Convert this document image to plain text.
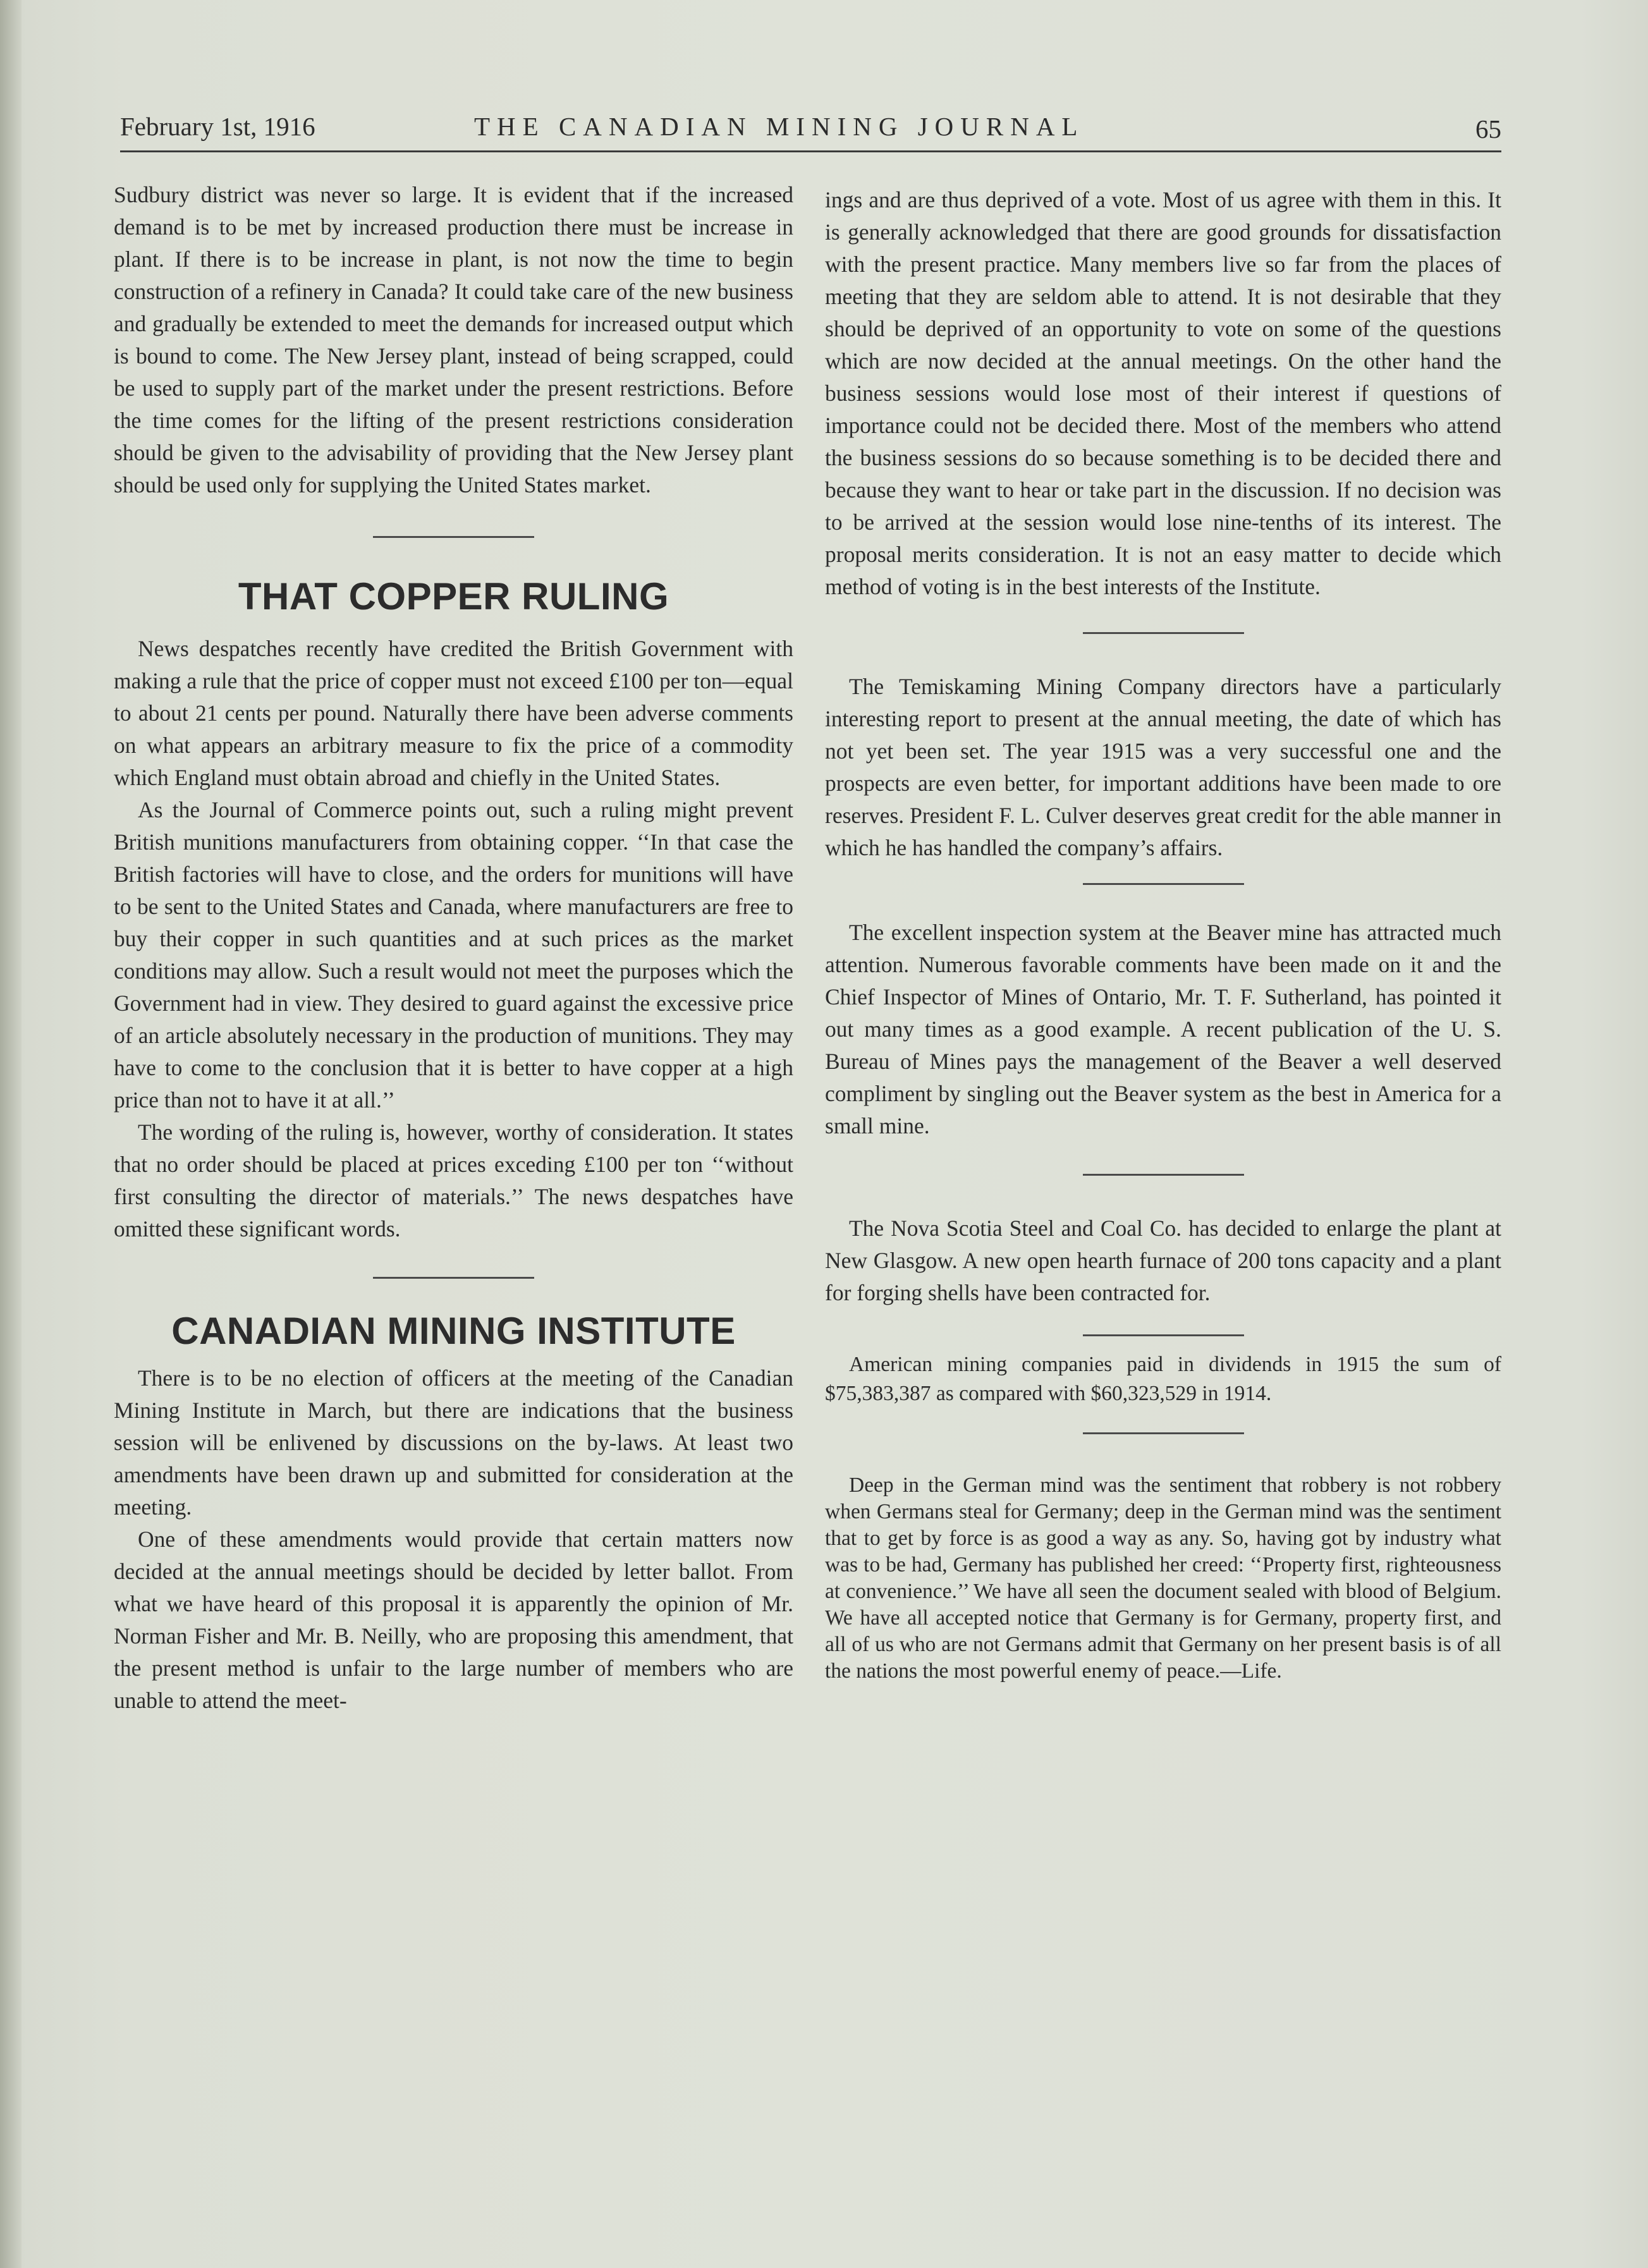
February 1st, 1916	THE CANADIAN MINING JOURNAL	65

Sudbury district was never so large. It is evident that if the increased demand is to be met by increased production there must be increase in plant. If there is to be increase in plant, is not now the time to begin construction of a refinery in Canada? It could take care of the new business and gradually be extended to meet the demands for increased output which is bound to come. The New Jersey plant, instead of being scrapped, could be used to supply part of the market under the present restrictions. Before the time comes for the lifting of the present restrictions consideration should be given to the advisability of providing that the New Jersey plant should be used only for supplying the United States market.

THAT COPPER RULING

News despatches recently have credited the British Government with making a rule that the price of copper must not exceed £100 per ton—equal to about 21 cents per pound. Naturally there have been adverse comments on what appears an arbitrary measure to fix the price of a commodity which England must obtain abroad and chiefly in the United States.

As the Journal of Commerce points out, such a ruling might prevent British munitions manufacturers from obtaining copper. ‘‘In that case the British factories will have to close, and the orders for munitions will have to be sent to the United States and Canada, where manufacturers are free to buy their copper in such quantities and at such prices as the market conditions may allow. Such a result would not meet the purposes which the Government had in view. They desired to guard against the excessive price of an article absolutely necessary in the production of munitions. They may have to come to the conclusion that it is better to have copper at a high price than not to have it at all.’’

The wording of the ruling is, however, worthy of consideration. It states that no order should be placed at prices exceding £100 per ton ‘‘without first consulting the director of materials.’’ The news despatches have omitted these significant words.

CANADIAN MINING INSTITUTE

There is to be no election of officers at the meeting of the Canadian Mining Institute in March, but there are indications that the business session will be enlivened by discussions on the by-laws. At least two amendments have been drawn up and submitted for consideration at the meeting.

One of these amendments would provide that certain matters now decided at the annual meetings should be decided by letter ballot. From what we have heard of this proposal it is apparently the opinion of Mr. Norman Fisher and Mr. B. Neilly, who are proposing this amendment, that the present method is unfair to the large number of members who are unable to attend the meet-

ings and are thus deprived of a vote. Most of us agree with them in this. It is generally acknowledged that there are good grounds for dissatisfaction with the present practice. Many members live so far from the places of meeting that they are seldom able to attend. It is not desirable that they should be deprived of an opportunity to vote on some of the questions which are now decided at the annual meetings. On the other hand the business sessions would lose most of their interest if questions of importance could not be decided there. Most of the members who attend the business sessions do so because something is to be decided there and because they want to hear or take part in the discussion. If no decision was to be arrived at the session would lose nine-tenths of its interest. The proposal merits consideration. It is not an easy matter to decide which method of voting is in the best interests of the Institute.

The Temiskaming Mining Company directors have a particularly interesting report to present at the annual meeting, the date of which has not yet been set. The year 1915 was a very successful one and the prospects are even better, for important additions have been made to ore reserves. President F. L. Culver deserves great credit for the able manner in which he has handled the company’s affairs.

The excellent inspection system at the Beaver mine has attracted much attention. Numerous favorable comments have been made on it and the Chief Inspector of Mines of Ontario, Mr. T. F. Sutherland, has pointed it out many times as a good example. A recent publication of the U. S. Bureau of Mines pays the management of the Beaver a well deserved compliment by singling out the Beaver system as the best in America for a small mine.

The Nova Scotia Steel and Coal Co. has decided to enlarge the plant at New Glasgow. A new open hearth furnace of 200 tons capacity and a plant for forging shells have been contracted for.

American mining companies paid in dividends in 1915 the sum of $75,383,387 as compared with $60,323,529 in 1914.

Deep in the German mind was the sentiment that robbery is not robbery when Germans steal for Germany; deep in the German mind was the sentiment that to get by force is as good a way as any. So, having got by industry what was to be had, Germany has published her creed: ‘‘Property first, righteousness at convenience.’’ We have all seen the document sealed with blood of Belgium. We have all accepted notice that Germany is for Germany, property first, and all of us who are not Germans admit that Germany on her present basis is of all the nations the most powerful enemy of peace.—Life.
